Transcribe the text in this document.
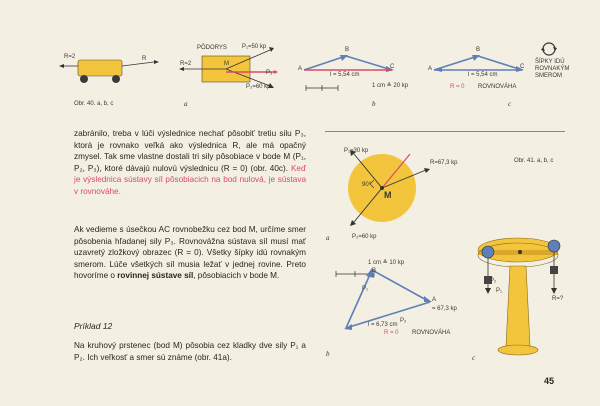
R=2	R
PÔDORYS
M
P₁=50 kp
R=2
P₂=60 kp
P₃
Obr. 40. a, b, c	a
A
B
C
l = 5,54 cm
1 cm ≙ 20 kp
b
A
B
C
l = 5,54 cm
R = 0 ROVNOVÁHA
ŠÍPKY IDÚ ROVNAKÝM SMEROM
c

zabránilo, treba v lúči výslednice nechať pôsobiť tretiu silu P₃, ktorá je rovnako veľká ako výslednica R, ale má opačný zmysel. Tak sme vlastne dostali tri sily pôsobiace v bode M (P₁, P₂, P₃), ktoré dávajú nulovú výslednicu (R = 0) (obr. 40c). Keď je výslednica sústavy síl pôsobiacich na bod nulová, je sústava v rovnováhe.

Ak vedieme s úsečkou AC rovnobežku cez bod M, určíme smer pôsobenia hľadanej sily P₃. Rovnovážna sústava síl musí mať uzavretý zložkový obrazec (R = 0). Všetky šípky idú rovnakým smerom. Lúče všetkých síl musia ležať v jednej rovine. Preto hovoríme o rovinnej sústave síl, pôsobiacich v bode M.

Príklad 12

Na kruhový prstenec (bod M) pôsobia cez kladky dve sily P₁ a P₂. Ich veľkosť a smer sú známe (obr. 41a).

P₁=30 kp
R=67,3 kp
P₂=60 kp
90°
M
a
Obr. 41. a, b, c
1 cm ≙ 10 kp
B
A
P₁
P₂
= 67,3 kp
l = 6,73 cm
R = 0 ROVNOVÁHA
b
P₁
P₂
R=?
c
45
